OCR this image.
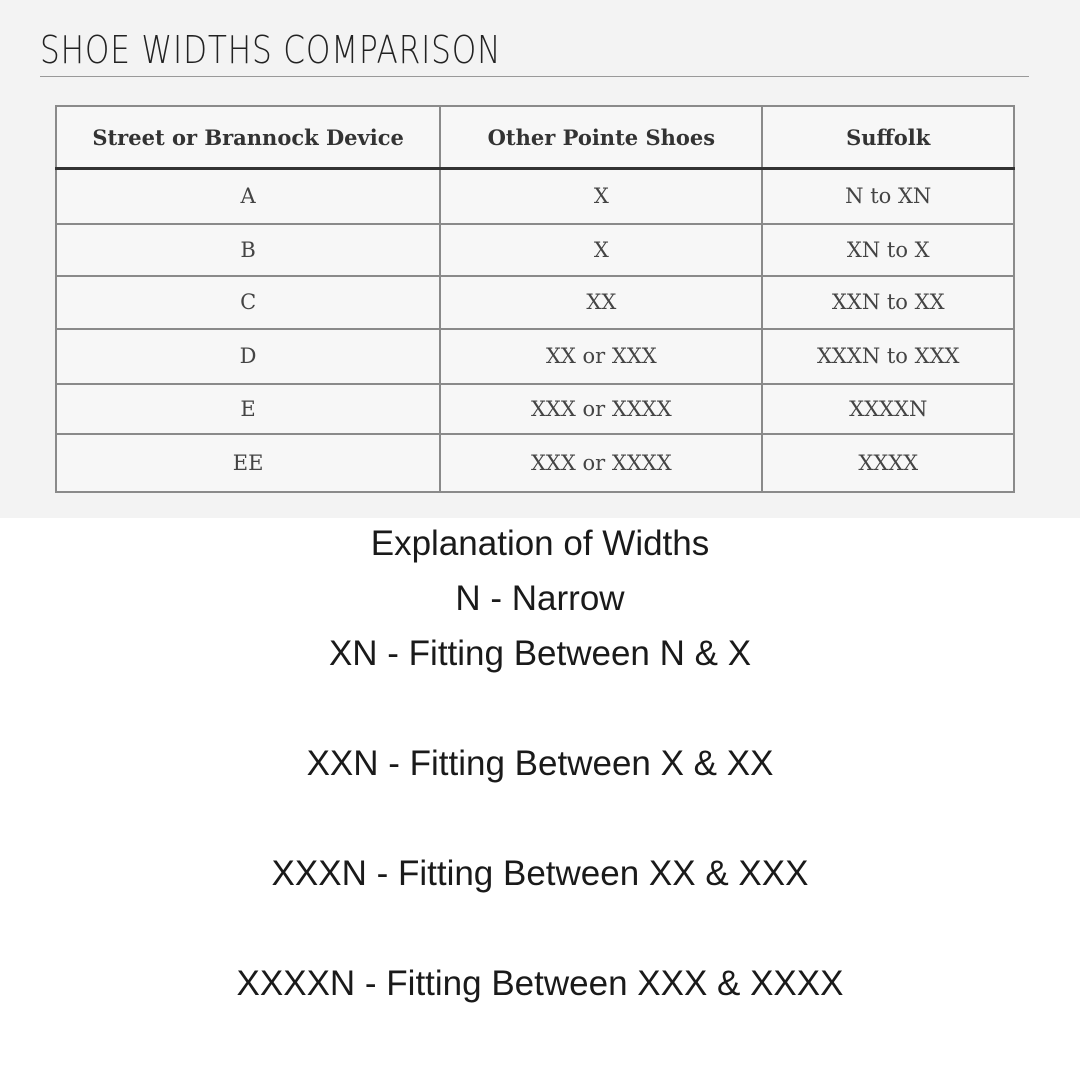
SHOE WIDTHS COMPARISON
Street or Brannock Device	Other Pointe Shoes	Suffolk
A	X	N to XN
B	X	XN to X
C	XX	XXN to XX
D	XX or XXX	XXXN to XXX
E	XXX or XXXX	XXXXN
EE	XXX or XXXX	XXXX
Explanation of Widths
N - Narrow
XN - Fitting Between N & X
XXN - Fitting Between X & XX
XXXN - Fitting Between XX & XXX
XXXXN - Fitting Between XXX & XXXX
